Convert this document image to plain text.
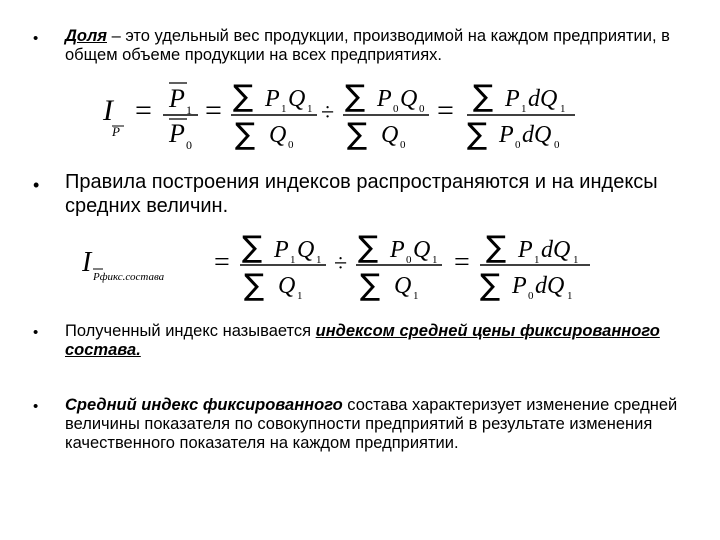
• Доля – это удельный вес продукции, производимой на каждом предприятии, в общем объеме продукции на всех предприятиях.
I
P
= P 1
P 0
= ∑ P 1 Q 1
∑ Q 0
÷ ∑ P 0 Q 0
∑ Q 0
= ∑ P 1 dQ 1
∑ P 0 dQ 0
• Правила построения индексов распространяются и на индексы средних величин.
I Pфикс.состава = ∑ P 1 Q 1
∑ Q 1
÷ ∑ P 0 Q 1
∑ Q 1
= ∑ P 1 dQ 1
∑ P 0 dQ 1
• Полученный индекс называется индексом средней цены фиксированного состава.
• Средний индекс фиксированного состава характеризует изменение средней величины показателя по совокупности предприятий в результате изменения качественного показателя на каждом предприятии.
